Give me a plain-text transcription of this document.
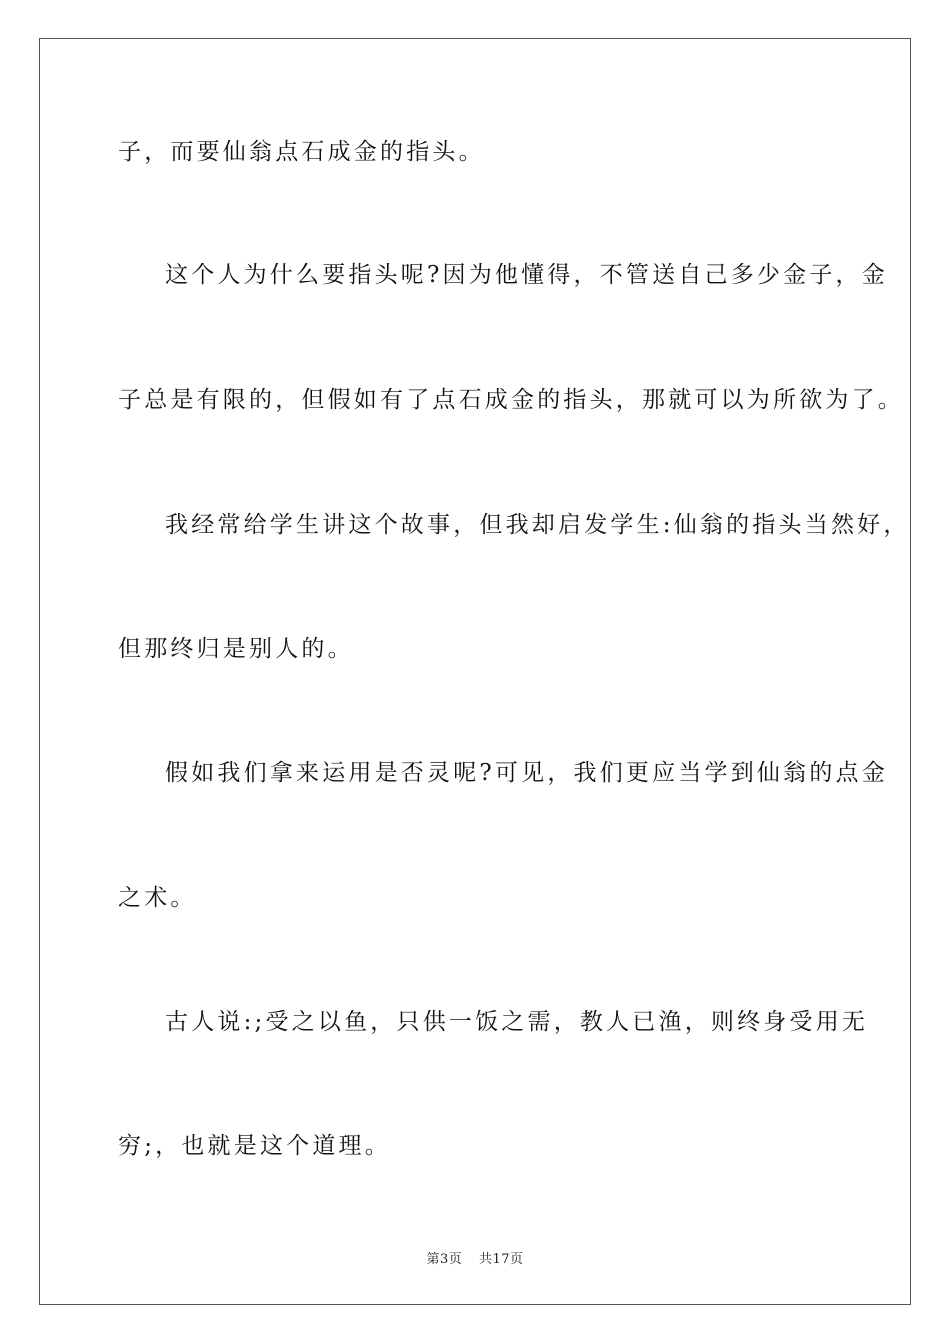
子，而要仙翁点石成金的指头。
这个人为什么要指头呢?因为他懂得，不管送自己多少金子，金
子总是有限的，但假如有了点石成金的指头，那就可以为所欲为了。
我经常给学生讲这个故事，但我却启发学生:仙翁的指头当然好，
但那终归是别人的。
假如我们拿来运用是否灵呢?可见，我们更应当学到仙翁的点金
之术。
古人说:;受之以鱼，只供一饭之需，教人已渔，则终身受用无
穷;，也就是这个道理。
第3页 共17页
